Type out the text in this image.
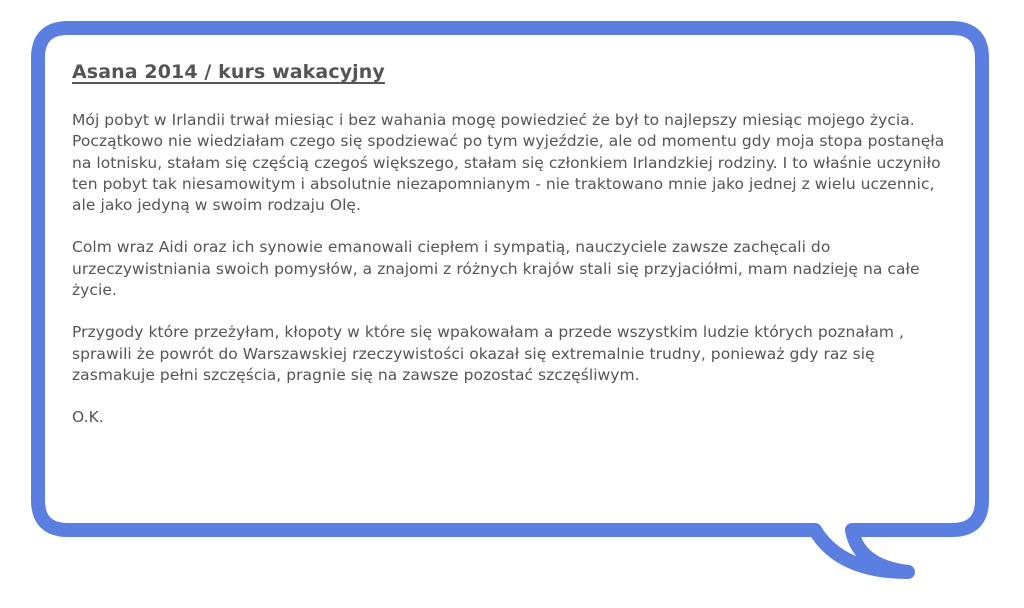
Asana 2014 / kurs wakacyjny

Mój pobyt w Irlandii trwał miesiąc i bez wahania mogę powiedzieć że był to najlepszy miesiąc mojego życia. Początkowo nie wiedziałam czego się spodziewać po tym wyjeździe, ale od momentu gdy moja stopa postanęła na lotnisku, stałam się częścią czegoś większego, stałam się członkiem Irlandzkiej rodziny. I to właśnie uczyniło ten pobyt tak niesamowitym i absolutnie niezapomnianym - nie traktowano mnie jako jednej z wielu uczennic, ale jako jedyną w swoim rodzaju Olę.

Colm wraz Aidi oraz ich synowie emanowali ciepłem i sympatią, nauczyciele zawsze zachęcali do urzeczywistniania swoich pomysłów, a znajomi z różnych krajów stali się przyjaciółmi, mam nadzieję na całe życie.

Przygody które przeżyłam, kłopoty w które się wpakowałam a przede wszystkim ludzie których poznałam , sprawili że powrót do Warszawskiej rzeczywistości okazał się extremalnie trudny, ponieważ gdy raz się zasmakuje pełni szczęścia, pragnie się na zawsze pozostać szczęśliwym.

O.K.
